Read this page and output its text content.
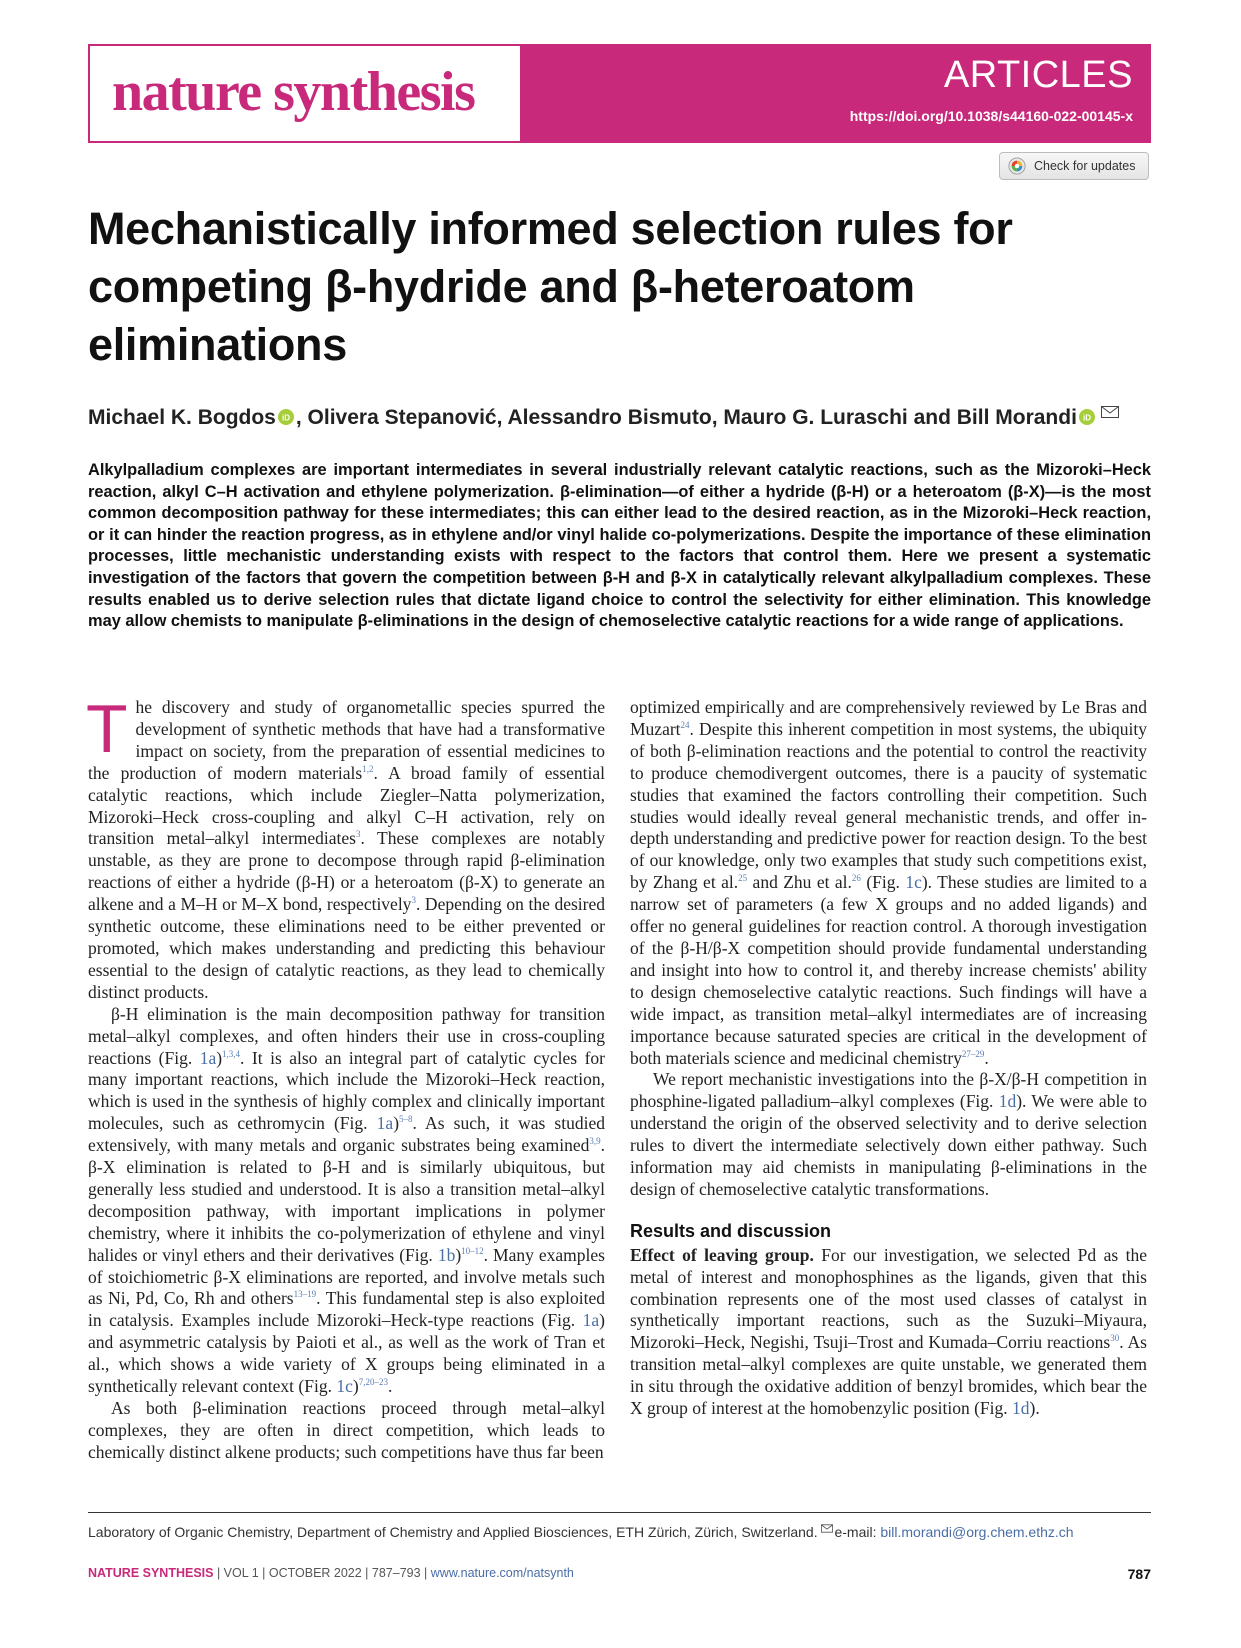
nature synthesis	ARTICLES
https://doi.org/10.1038/s44160-022-00145-x
Check for updates
Mechanistically informed selection rules for competing β-hydride and β-heteroatom eliminations
Michael K. Bogdos iD , Olivera Stepanović, Alessandro Bismuto, Mauro G. Luraschi and Bill Morandi iD

Alkylpalladium complexes are important intermediates in several industrially relevant catalytic reactions, such as the Mizoroki–Heck reaction, alkyl C–H activation and ethylene polymerization. β-elimination—of either a hydride (β-H) or a heteroatom (β-X)—is the most common decomposition pathway for these intermediates; this can either lead to the desired reaction, as in the Mizoroki–Heck reaction, or it can hinder the reaction progress, as in ethylene and/or vinyl halide co-polymerizations. Despite the importance of these elimination processes, little mechanistic understanding exists with respect to the factors that control them. Here we present a systematic investigation of the factors that govern the competition between β-H and β-X in catalytically relevant alkylpalladium complexes. These results enabled us to derive selection rules that dictate ligand choice to control the selectivity for either elimination. This knowledge may allow chemists to manipulate β-eliminations in the design of chemoselective catalytic reactions for a wide range of applications.

The discovery and study of organometallic species spurred the development of synthetic methods that have had a transformative impact on society, from the preparation of essential medicines to the production of modern materials$^{1,2}$. A broad family of essential catalytic reactions, which include Ziegler–Natta polymerization, Mizoroki–Heck cross-coupling and alkyl C–H activation, rely on transition metal–alkyl intermediates$^3$. These complexes are notably unstable, as they are prone to decompose through rapid β-elimination reactions of either a hydride (β-H) or a heteroatom (β-X) to generate an alkene and a M–H or M–X bond, respectively$^3$. Depending on the desired synthetic outcome, these eliminations need to be either prevented or promoted, which makes understanding and predicting this behaviour essential to the design of catalytic reactions, as they lead to chemically distinct products.

β-H elimination is the main decomposition pathway for transition metal–alkyl complexes, and often hinders their use in cross-coupling reactions (Fig. 1a)$^{1,3,4}$. It is also an integral part of catalytic cycles for many important reactions, which include the Mizoroki–Heck reaction, which is used in the synthesis of highly complex and clinically important molecules, such as cethromycin (Fig. 1a)$^{5-8}$. As such, it was studied extensively, with many metals and organic substrates being examined$^{3,9}$. β-X elimination is related to β-H and is similarly ubiquitous, but generally less studied and understood. It is also a transition metal–alkyl decomposition pathway, with important implications in polymer chemistry, where it inhibits the co-polymerization of ethylene and vinyl halides or vinyl ethers and their derivatives (Fig. 1b)$^{10-12}$. Many examples of stoichiometric β-X eliminations are reported, and involve metals such as Ni, Pd, Co, Rh and others$^{13-19}$. This fundamental step is also exploited in catalysis. Examples include Mizoroki–Heck-type reactions (Fig. 1a) and asymmetric catalysis by Paioti et al., as well as the work of Tran et al., which shows a wide variety of X groups being eliminated in a synthetically relevant context (Fig. 1c)$^{7,20-23}$.

As both β-elimination reactions proceed through metal–alkyl complexes, they are often in direct competition, which leads to chemically distinct alkene products; such competitions have thus far been

optimized empirically and are comprehensively reviewed by Le Bras and Muzart$^{24}$. Despite this inherent competition in most systems, the ubiquity of both β-elimination reactions and the potential to control the reactivity to produce chemodivergent outcomes, there is a paucity of systematic studies that examined the factors controlling their competition. Such studies would ideally reveal general mechanistic trends, and offer in-depth understanding and predictive power for reaction design. To the best of our knowledge, only two examples that study such competitions exist, by Zhang et al.$^{25}$ and Zhu et al.$^{26}$ (Fig. 1c). These studies are limited to a narrow set of parameters (a few X groups and no added ligands) and offer no general guidelines for reaction control. A thorough investigation of the β-H/β-X competition should provide fundamental understanding and insight into how to control it, and thereby increase chemists' ability to design chemoselective catalytic reactions. Such findings will have a wide impact, as transition metal–alkyl intermediates are of increasing importance because saturated species are critical in the development of both materials science and medicinal chemistry$^{27-29}$.

We report mechanistic investigations into the β-X/β-H competition in phosphine-ligated palladium–alkyl complexes (Fig. 1d). We were able to understand the origin of the observed selectivity and to derive selection rules to divert the intermediate selectively down either pathway. Such information may aid chemists in manipulating β-eliminations in the design of chemoselective catalytic transformations.

Results and discussion

Effect of leaving group. For our investigation, we selected Pd as the metal of interest and monophosphines as the ligands, given that this combination represents one of the most used classes of catalyst in synthetically important reactions, such as the Suzuki–Miyaura, Mizoroki–Heck, Negishi, Tsuji–Trost and Kumada–Corriu reactions$^{30}$. As transition metal–alkyl complexes are quite unstable, we generated them in situ through the oxidative addition of benzyl bromides, which bear the X group of interest at the homobenzylic position (Fig. 1d).

Laboratory of Organic Chemistry, Department of Chemistry and Applied Biosciences, ETH Zürich, Zürich, Switzerland. e-mail: bill.morandi@org.chem.ethz.ch
NATURE SYNTHESIS | VOL 1 | OCTOBER 2022 | 787–793 | www.nature.com/natsynth	787
